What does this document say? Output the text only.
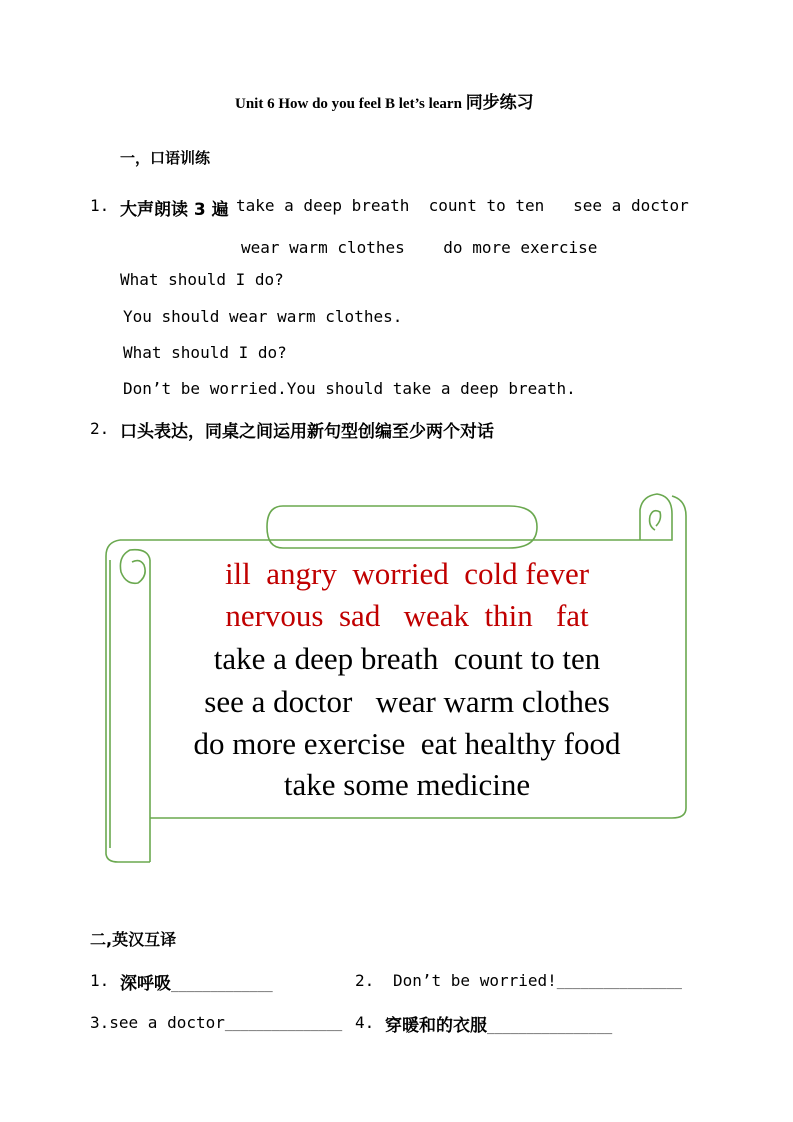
Unit 6 How do you feel B let’s learn 同步练习
一，口语训练
1. 大声朗读 3 遍 take a deep breath  count to ten   see a doctor
wear warm clothes    do more exercise
What should I do?
You should wear warm clothes.
What should I do?
Don’t be worried.You should take a deep breath.
2. 口头表达，同桌之间运用新句型创编至少两个对话
ill  angry  worried  cold fever
nervous  sad   weak  thin   fat
take a deep breath  count to ten
see a doctor   wear warm clothes
do more exercise  eat healthy food
take some medicine
二,英汉互译
1. 深呼吸_____________	2. Don’t be worried!________________
3.see a doctor_______________ 4. 穿暖和的衣服________________
